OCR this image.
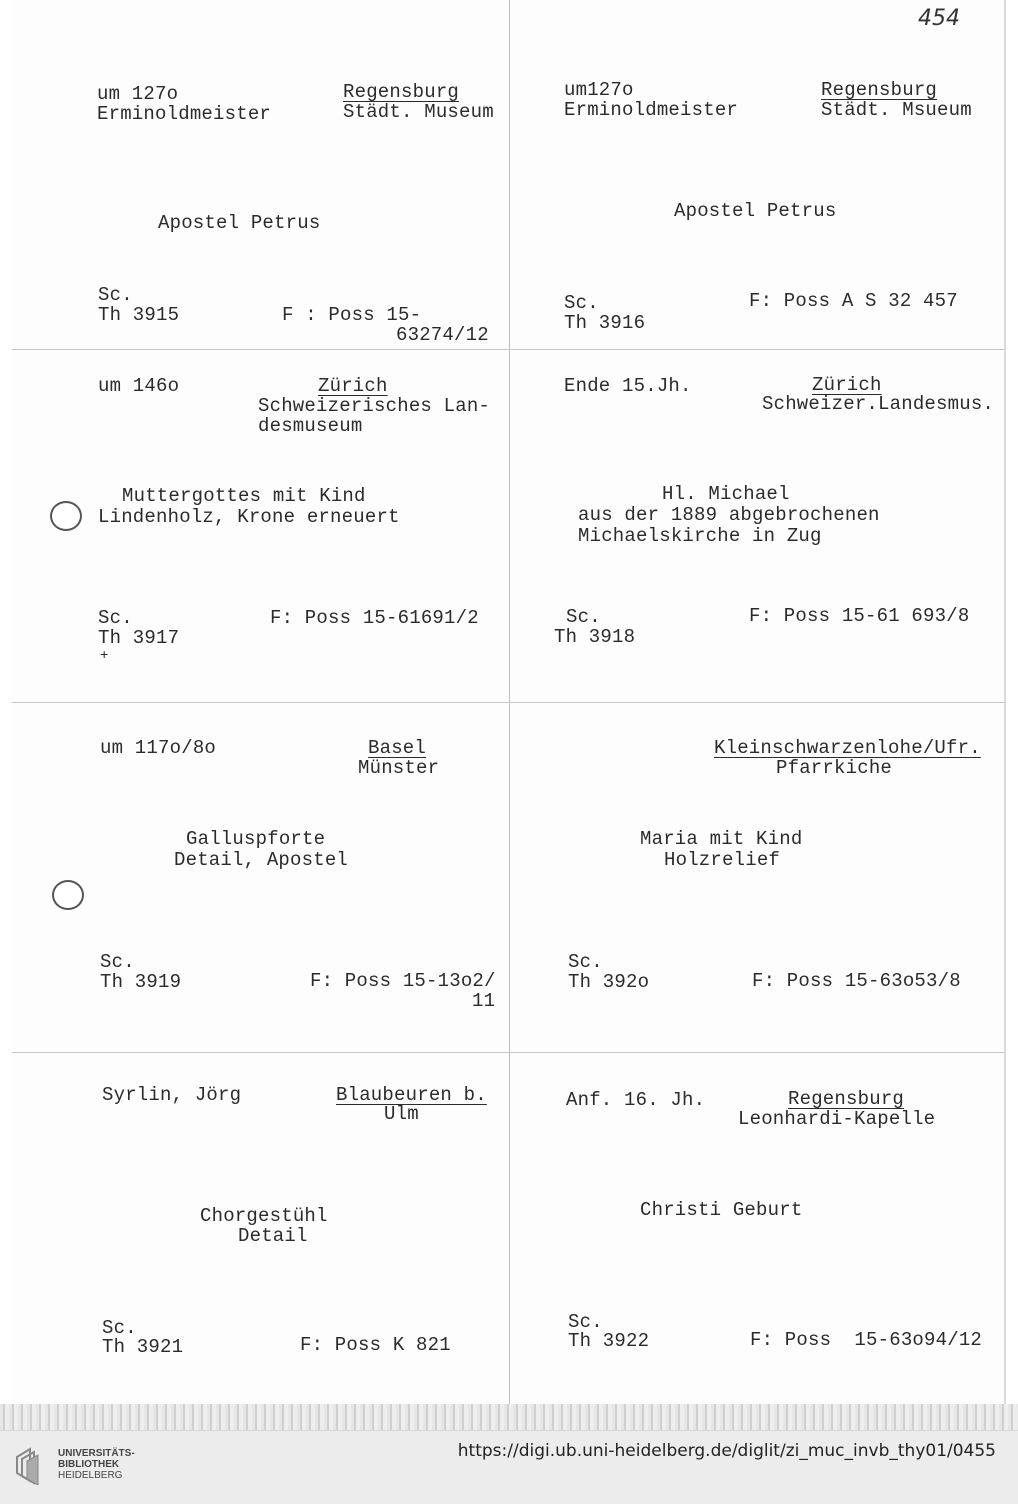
454
um 127o
Erminoldmeister
Regensburg
Städt. Museum
Apostel Petrus
Sc.
Th 3915	F : Poss 15-
63274/12
um127o
Erminoldmeister
Regensburg
Städt. Msueum
Apostel Petrus
Sc.
Th 3916
F: Poss A S 32 457
um 146o	Zürich
Schweizerisches Lan-
desmuseum
Muttergottes mit Kind
Lindenholz, Krone erneuert
Sc.
Th 3917
+
F: Poss 15-61691/2
Ende 15.Jh.	Zürich
Schweizer.Landesmus.
Hl. Michael
aus der 1889 abgebrochenen
Michaelskirche in Zug
Sc.
Th 3918
F: Poss 15-61 693/8
um 117o/8o	Basel
Münster
Galluspforte
Detail, Apostel
Sc.
Th 3919	F: Poss 15-13o2/
11
Kleinschwarzenlohe/Ufr.
Pfarrkiche
Maria mit Kind
Holzrelief
Sc.
Th 392o	F: Poss 15-63o53/8
Syrlin, Jörg	Blaubeuren b.
Ulm
Chorgestühl
Detail
Sc.
Th 3921	F: Poss K 821
Anf. 16. Jh.	Regensburg
Leonhardi-Kapelle
Christi Geburt
Sc.
Th 3922	F: Poss  15-63o94/12
UNIVERSITÄTS-
BIBLIOTHEK
HEIDELBERG
https://digi.ub.uni-heidelberg.de/diglit/zi_muc_invb_thy01/0455
